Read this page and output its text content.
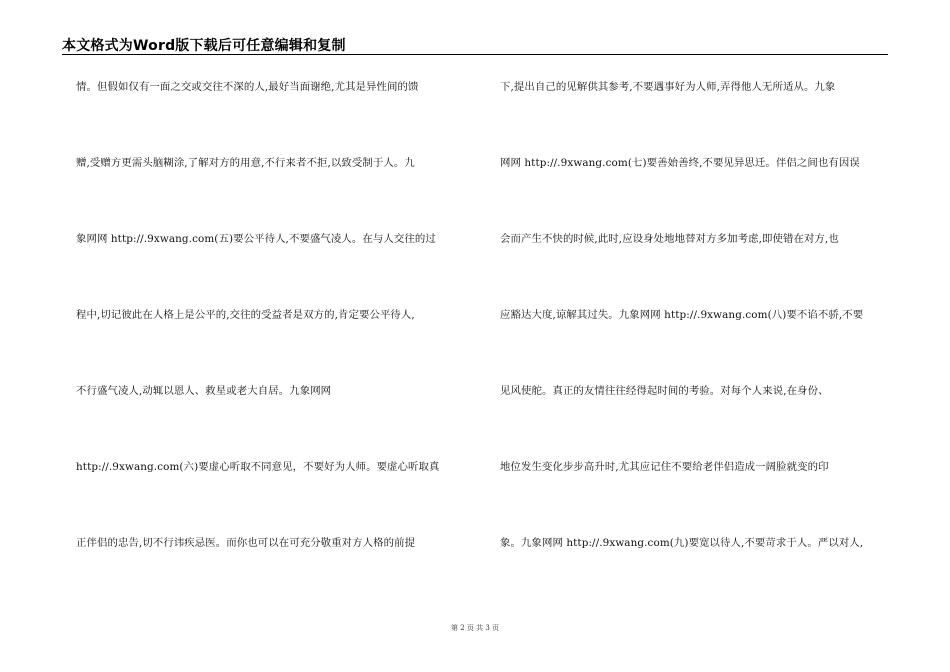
本文格式为Word版下载后可任意编辑和复制
情。但假如仅有一面之交或交往不深的人,最好当面谢绝,尤其是异性间的馈
赠,受赠方更需头脑糊涂,了解对方的用意,不行来者不拒,以致受制于人。九
象网网 http://.9xwang.com(五)要公平待人,不要盛气凌人。在与人交往的过
程中,切记彼此在人格上是公平的,交往的受益者是双方的,肯定要公平待人,
不行盛气凌人,动辄以恩人、救星或老大自居。九象网网
http://.9xwang.com(六)要虚心听取不同意见，不要好为人师。要虚心听取真
正伴侣的忠告,切不行讳疾忌医。而你也可以在可充分敬重对方人格的前提
下,提出自己的见解供其参考,不要遇事好为人师,弄得他人无所适从。九象
网网 http://.9xwang.com(七)要善始善终,不要见异思迁。伴侣之间也有因误
会而产生不快的时候,此时,应设身处地地替对方多加考虑,即使错在对方,也
应豁达大度,谅解其过失。九象网网 http://.9xwang.com(八)要不谄不骄,不要
见风使舵。真正的友情往往经得起时间的考验。对每个人来说,在身份、
地位发生变化步步高升时,尤其应记住不要给老伴侣造成一阔脸就变的印
象。九象网网 http://.9xwang.com(九)要宽以待人,不要苛求于人。严以对人,
第 2 页 共 3 页
